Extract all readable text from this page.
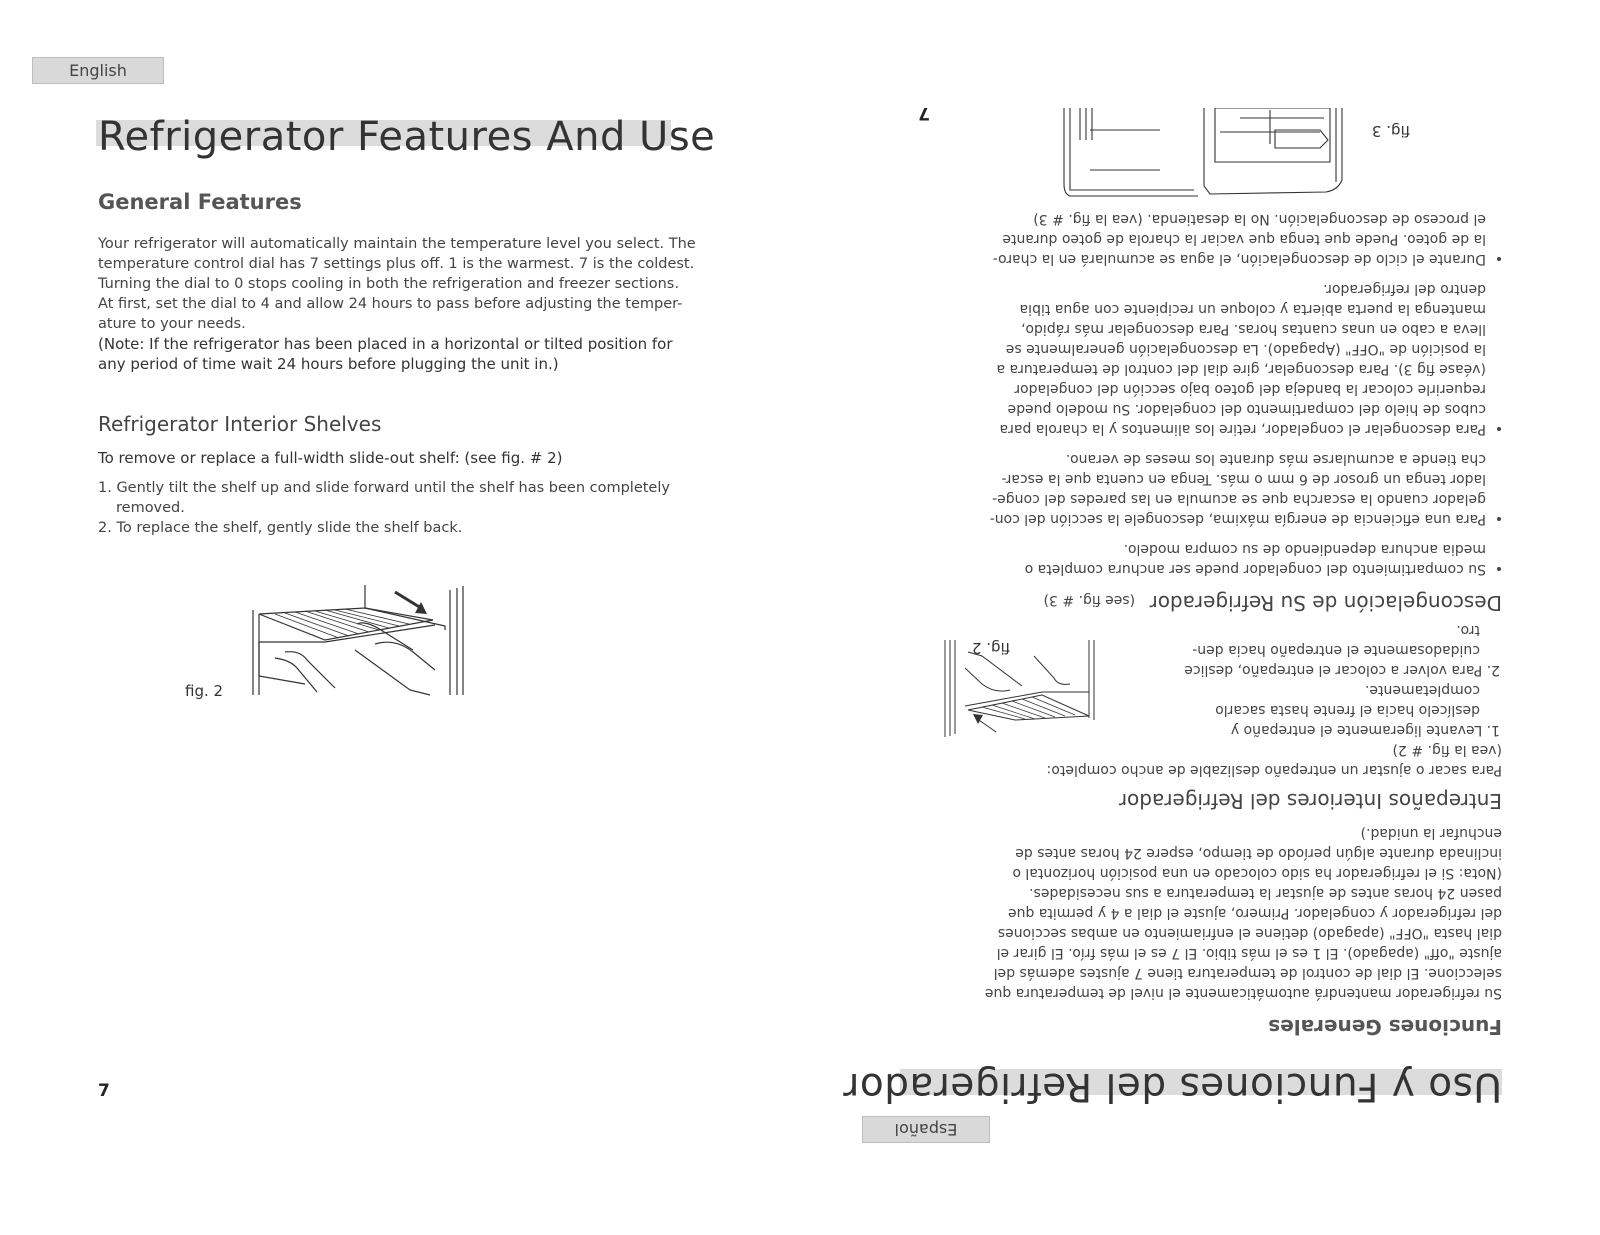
English
Refrigerator Features And Use
General Features
Your refrigerator will automatically maintain the temperature level you select. The
temperature control dial has 7 settings plus off. 1 is the warmest. 7 is the coldest.
Turning the dial to 0 stops cooling in both the refrigeration and freezer sections.
At first, set the dial to 4 and allow 24 hours to pass before adjusting the temper-
ature to your needs.
(Note: If the refrigerator has been placed in a horizontal or tilted position for
any period of time wait 24 hours before plugging the unit in.)
Refrigerator Interior Shelves
To remove or replace a full-width slide-out shelf: (see fig. # 2)
1. Gently tilt the shelf up and slide forward until the shelf has been completely
removed.
2. To replace the shelf, gently slide the shelf back.
fig. 2
7
Español
Uso y Funciones del Refrigerador
Funciones Generales
Su refrigerador mantendrá automáticamente el nivel de temperatura que
seleccione. El dial de control de temperatura tiene 7 ajustes además del
ajuste "off" (apagado). El 1 es el más tibio. El 7 es el más frío. El girar el
dial hasta "OFF" (apagado) detiene el enfriamiento en ambas secciones
del refrigerador y congelador. Primero, ajuste el dial a 4 y permita que
pasen 24 horas antes de ajustar la temperatura a sus necesidades.
(Nota: Si el refrigerador ha sido colocado en una posición horizontal o
inclinada durante algún período de tiempo, espere 24 horas antes de
enchufar la unidad.)
Entrepaños Interiores del Refrigerador
Para sacar o ajustar un entrepaño deslizable de ancho completo:
(vea la fig. # 2)
1. Levante ligeramente el entrepaño y
deslícelo hacia el frente hasta sacarlo
completamente.
2. Para volver a colocar el entrepaño, deslice
cuidadosamente el entrepaño hacia den-
tro.
fig. 2
Descongelación de Su Refrigerador (see fig. # 3)
• Su compartimiento del congelador puede ser anchura completa o
media anchura dependiendo de su compra modelo.
• Para una eficiencia de energía máxima, descongele la sección del con-
gelador cuando la escarcha que se acumula en las paredes del conge-
lador tenga un grosor de 6 mm o más. Tenga en cuenta que la escar-
cha tiende a acumularse más durante los meses de verano.
• Para descongelar el congelador, retire los alimentos y la charola para
cubos de hielo del compartimento del congelador. Su modelo puede
requerirle colocar la bandeja del goteo bajo sección del congelador
(véase fig 3). Para descongelar, gire dial del control de temperatura a
la posición de "OFF" (Apagado). La descongelación generalmente se
lleva a cabo en unas cuantas horas. Para descongelar más rápido,
mantenga la puerta abierta y coloque un recipiente con agua tibia
dentro del refrigerador.
• Durante el ciclo de descongelación, el agua se acumulará en la charo-
la de goteo. Puede que tenga que vaciar la charola de goteo durante
el proceso de descongelación. No la desatienda. (vea la fig. # 3)
fig. 3
7
